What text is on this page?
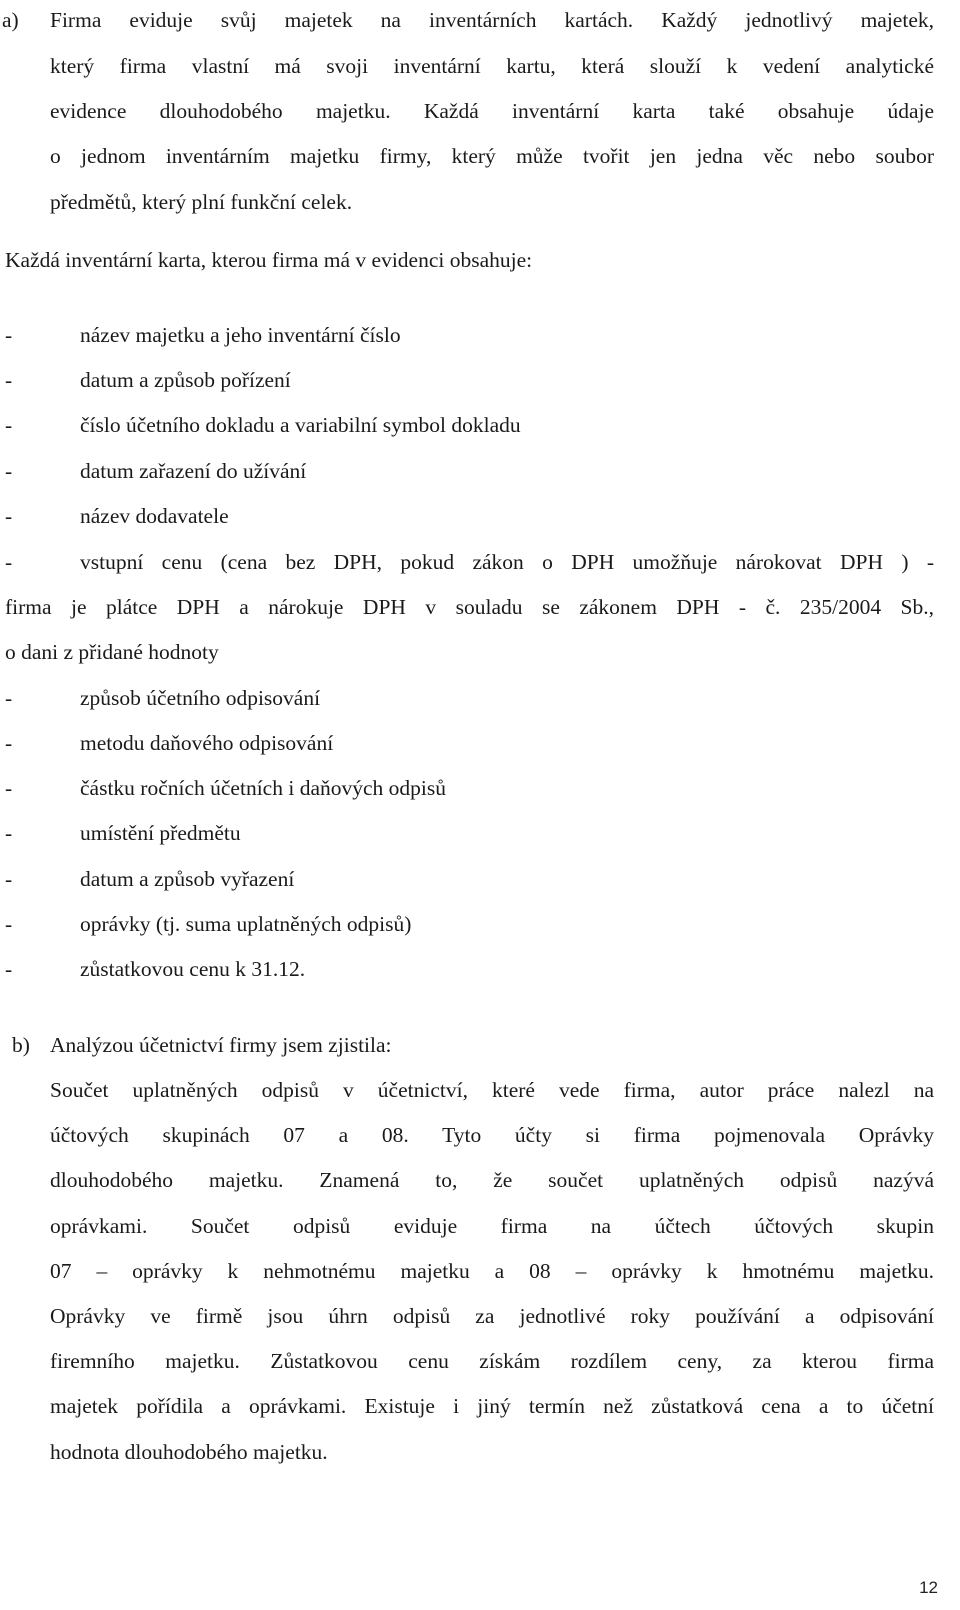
a) Firma eviduje svůj majetek na inventárních kartách. Každý jednotlivý majetek,
který firma vlastní má svoji inventární kartu, která slouží k vedení analytické
evidence dlouhodobého majetku. Každá inventární karta také obsahuje údaje
o jednom inventárním majetku firmy, který může tvořit jen jedna věc nebo soubor
předmětů, který plní funkční celek.
Každá inventární karta, kterou firma má v evidenci obsahuje:
-	název majetku a jeho inventární číslo
-	datum a způsob pořízení
-	číslo účetního dokladu a variabilní symbol dokladu
-	datum zařazení do užívání
-	název dodavatele
-	vstupní cenu (cena bez DPH, pokud zákon o DPH umožňuje nárokovat DPH ) -
firma je plátce DPH a nárokuje DPH v souladu se zákonem DPH - č. 235/2004 Sb.,
o dani z přidané hodnoty
-	způsob účetního odpisování
-	metodu daňového odpisování
-	částku ročních účetních i daňových odpisů
-	umístění předmětu
-	datum a způsob vyřazení
-	oprávky (tj. suma uplatněných odpisů)
-	zůstatkovou cenu k 31.12.
b) Analýzou účetnictví firmy jsem zjistila:
Součet uplatněných odpisů v účetnictví, které vede firma, autor práce nalezl na
účtových skupinách 07 a 08. Tyto účty si firma pojmenovala Oprávky
dlouhodobého majetku. Znamená to, že součet uplatněných odpisů nazývá
oprávkami. Součet odpisů eviduje firma na účtech účtových skupin
07 – oprávky k nehmotnému majetku a 08 – oprávky k hmotnému majetku.
Oprávky ve firmě jsou úhrn odpisů za jednotlivé roky používání a odpisování
firemního majetku. Zůstatkovou cenu získám rozdílem ceny, za kterou firma
majetek pořídila a oprávkami. Existuje i jiný termín než zůstatková cena a to účetní
hodnota dlouhodobého majetku.
12
